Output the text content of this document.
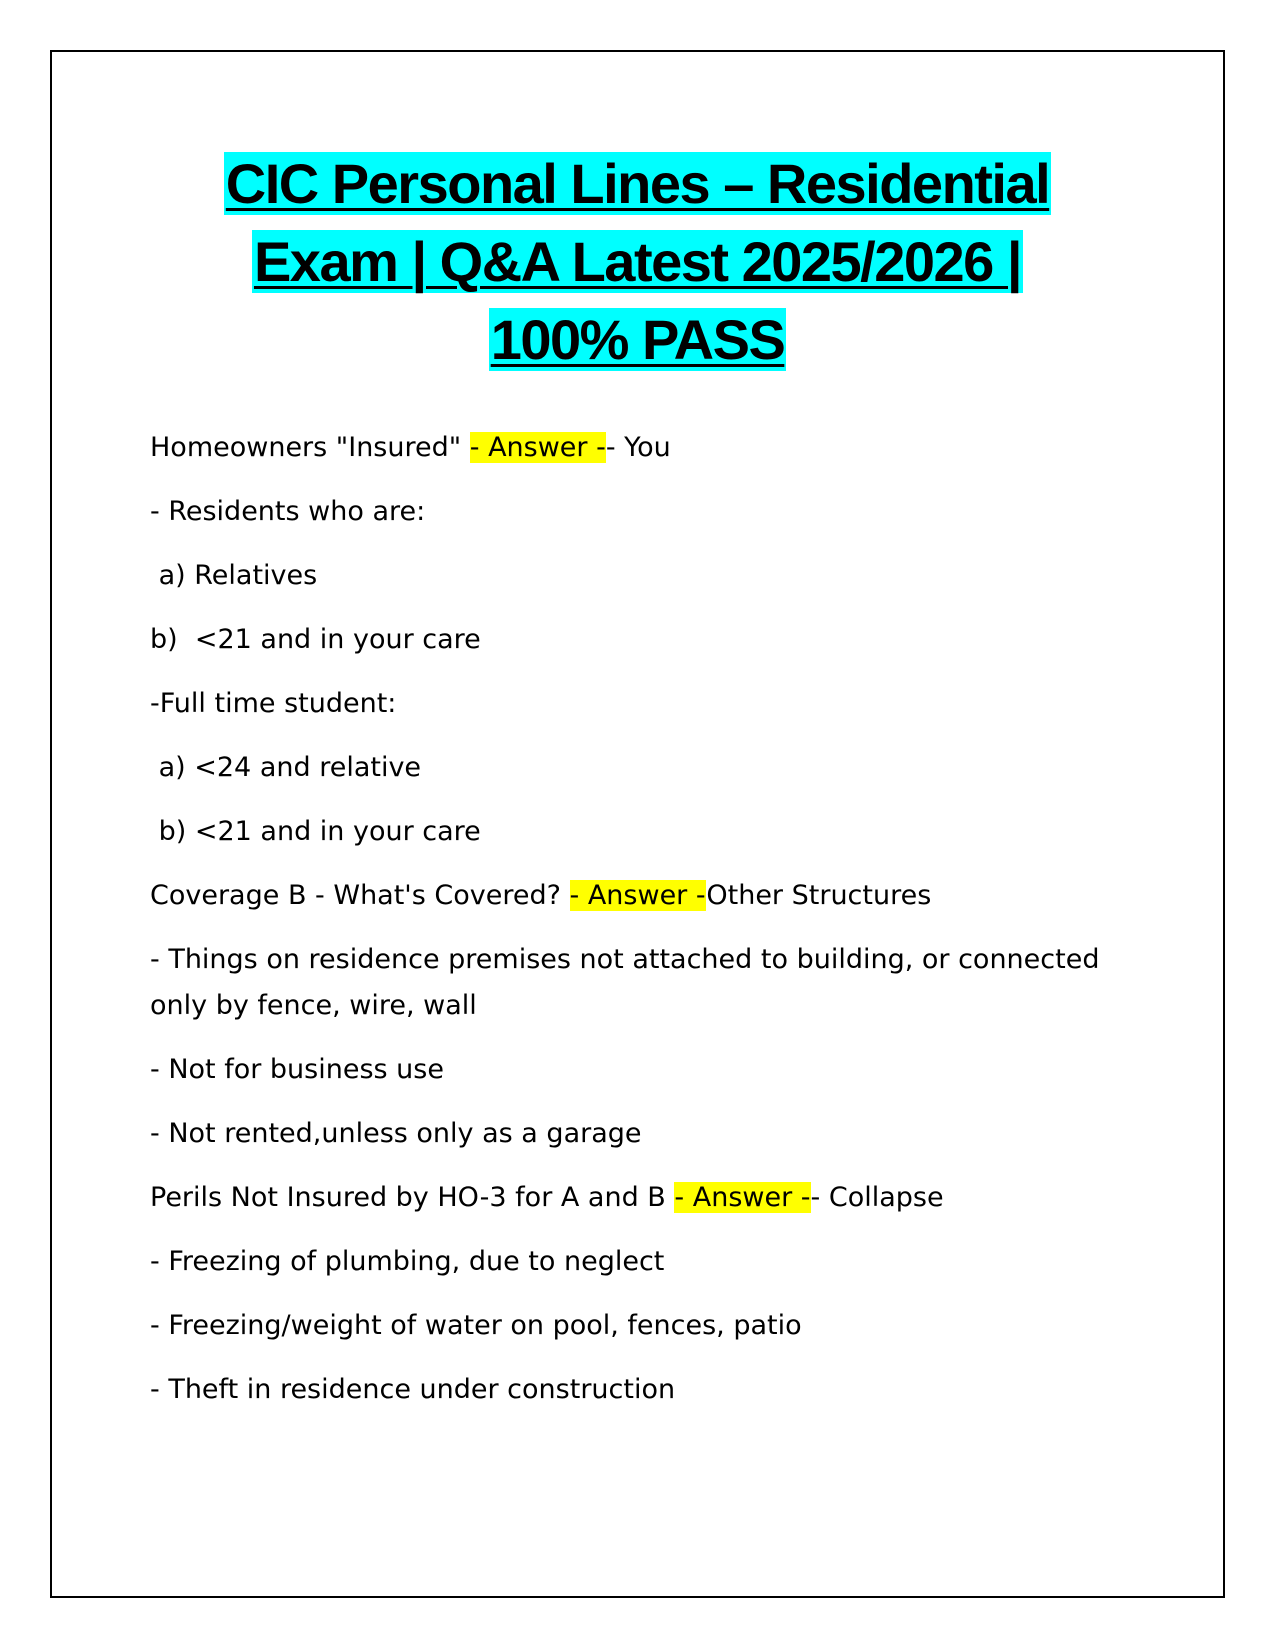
CIC Personal Lines – Residential
Exam | Q&A Latest 2025/2026 |
100% PASS

Homeowners "Insured" - Answer -- You

- Residents who are:

a) Relatives

b)  <21 and in your care

-Full time student:

a) <24 and relative

b) <21 and in your care

Coverage B - What's Covered? - Answer -Other Structures

- Things on residence premises not attached to building, or connected only by fence, wire, wall

- Not for business use

- Not rented,unless only as a garage

Perils Not Insured by HO-3 for A and B - Answer -- Collapse

- Freezing of plumbing, due to neglect

- Freezing/weight of water on pool, fences, patio

- Theft in residence under construction
